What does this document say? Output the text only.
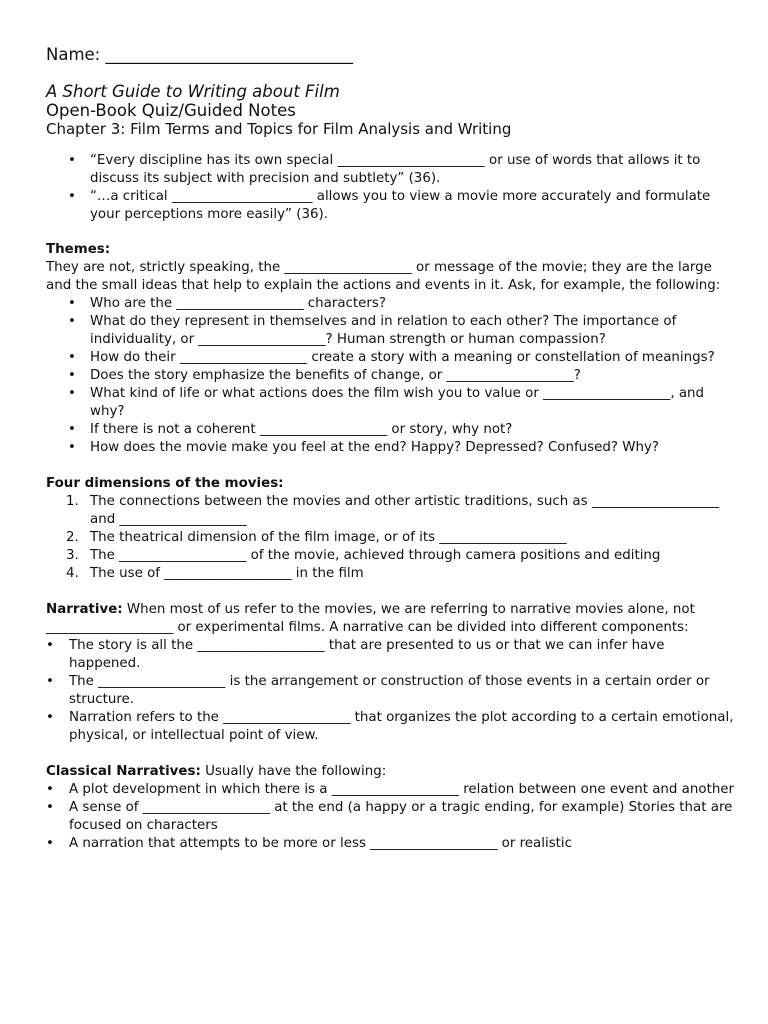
Name: ______________________________

A Short Guide to Writing about Film

Open-Book Quiz/Guided Notes

Chapter 3: Film Terms and Topics for Film Analysis and Writing

• “Every discipline has its own special ______________________ or use of words that allows it to discuss its subject with precision and subtlety” (36).
• “…a critical _____________________ allows you to view a movie more accurately and formulate your perceptions more easily” (36).

Themes:

They are not, strictly speaking, the ___________________ or message of the movie; they are the large and the small ideas that help to explain the actions and events in it. Ask, for example, the following:

• Who are the ___________________ characters?
• What do they represent in themselves and in relation to each other? The importance of individuality, or ___________________? Human strength or human compassion?
• How do their ___________________ create a story with a meaning or constellation of meanings?
• Does the story emphasize the benefits of change, or ___________________?
• What kind of life or what actions does the film wish you to value or ___________________, and why?
• If there is not a coherent ___________________ or story, why not?
• How does the movie make you feel at the end? Happy? Depressed? Confused? Why?

Four dimensions of the movies:

1. The connections between the movies and other artistic traditions, such as ___________________ and ___________________
2. The theatrical dimension of the film image, or of its ___________________
3. The ___________________ of the movie, achieved through camera positions and editing
4. The use of ___________________ in the film

Narrative: When most of us refer to the movies, we are referring to narrative movies alone, not ___________________ or experimental films. A narrative can be divided into different components:

• The story is all the ___________________ that are presented to us or that we can infer have happened.
• The ___________________ is the arrangement or construction of those events in a certain order or structure.
• Narration refers to the ___________________ that organizes the plot according to a certain emotional, physical, or intellectual point of view.

Classical Narratives: Usually have the following:

• A plot development in which there is a ___________________ relation between one event and another
• A sense of ___________________ at the end (a happy or a tragic ending, for example) Stories that are focused on characters
• A narration that attempts to be more or less ___________________ or realistic
